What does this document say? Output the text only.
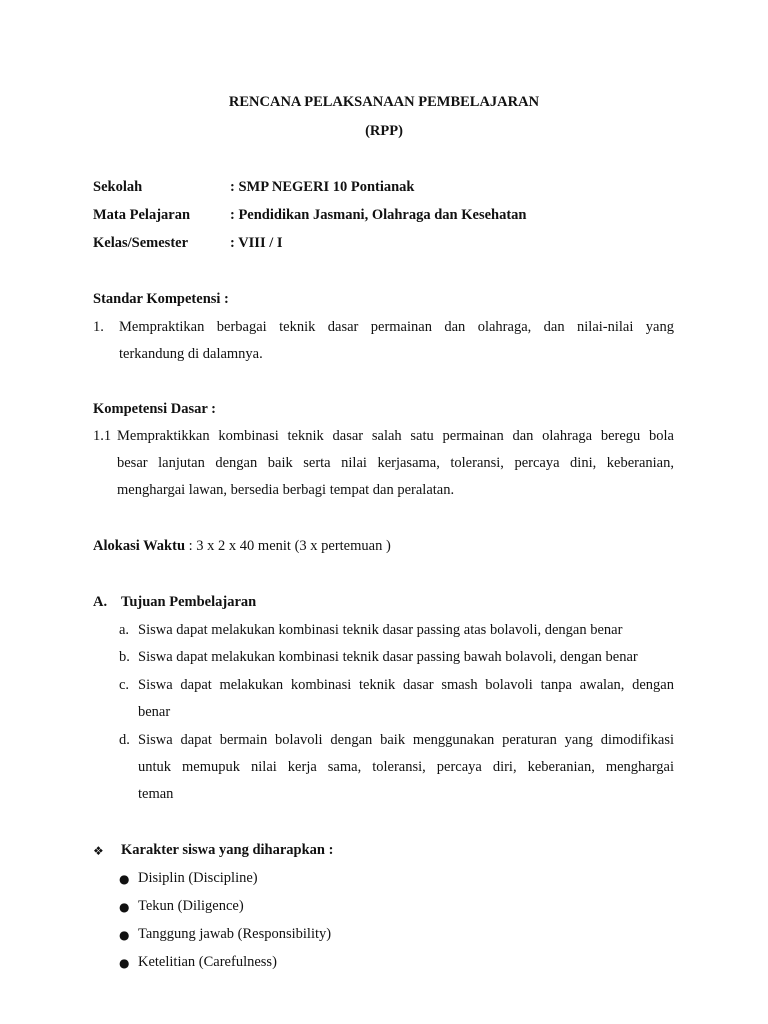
RENCANA PELAKSANAAN PEMBELAJARAN
(RPP)
Sekolah	: SMP NEGERI 10 Pontianak
Mata Pelajaran	: Pendidikan Jasmani, Olahraga dan Kesehatan
Kelas/Semester	: VIII / I
Standar Kompetensi :
1. Mempraktikan berbagai teknik dasar permainan dan olahraga, dan nilai-nilai yang
terkandung di dalamnya.
Kompetensi Dasar :
1.1 Mempraktikkan kombinasi teknik dasar salah satu permainan dan olahraga beregu bola
besar lanjutan dengan baik serta nilai kerjasama, toleransi, percaya dini, keberanian,
menghargai lawan, bersedia berbagi tempat dan peralatan.
Alokasi Waktu : 3 x 2 x 40 menit (3 x pertemuan )
A. Tujuan Pembelajaran
a. Siswa dapat melakukan kombinasi teknik dasar passing atas bolavoli, dengan benar
b. Siswa dapat melakukan kombinasi teknik dasar passing bawah bolavoli, dengan benar
c. Siswa dapat melakukan kombinasi teknik dasar smash bolavoli tanpa awalan, dengan
benar
d. Siswa dapat bermain bolavoli dengan baik menggunakan peraturan yang dimodifikasi
untuk memupuk nilai kerja sama, toleransi, percaya diri, keberanian, menghargai
teman
❖ Karakter siswa yang diharapkan :
● Disiplin (Discipline)
● Tekun (Diligence)
● Tanggung jawab (Responsibility)
● Ketelitian (Carefulness)
